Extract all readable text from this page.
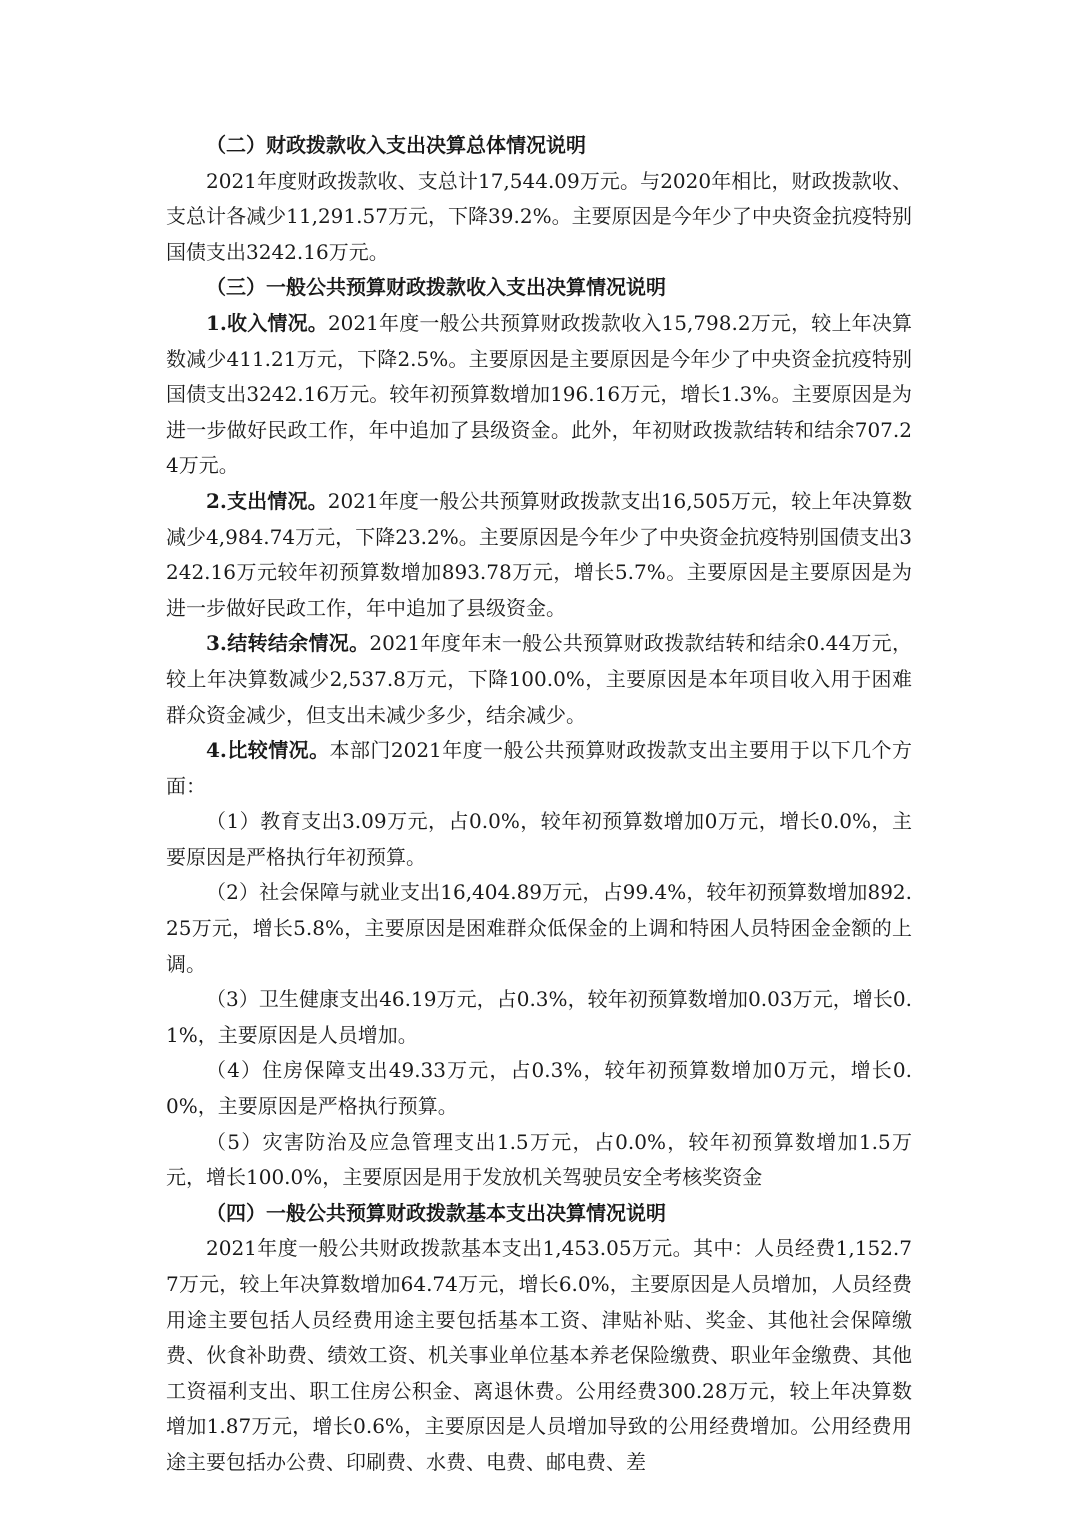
（二）财政拨款收入支出决算总体情况说明

2021年度财政拨款收、支总计17,544.09万元。与2020年相比，财政拨款收、支总计各减少11,291.57万元，下降39.2%。主要原因是今年少了中央资金抗疫特别国债支出3242.16万元。

（三）一般公共预算财政拨款收入支出决算情况说明

1.收入情况。2021年度一般公共预算财政拨款收入15,798.2万元，较上年决算数减少411.21万元，下降2.5%。主要原因是主要原因是今年少了中央资金抗疫特别国债支出3242.16万元。较年初预算数增加196.16万元，增长1.3%。主要原因是为进一步做好民政工作，年中追加了县级资金。此外，年初财政拨款结转和结余707.24万元。

2.支出情况。2021年度一般公共预算财政拨款支出16,505万元，较上年决算数减少4,984.74万元，下降23.2%。主要原因是今年少了中央资金抗疫特别国债支出3242.16万元较年初预算数增加893.78万元，增长5.7%。主要原因是主要原因是为进一步做好民政工作，年中追加了县级资金。

3.结转结余情况。2021年度年末一般公共预算财政拨款结转和结余0.44万元，较上年决算数减少2,537.8万元，下降100.0%，主要原因是本年项目收入用于困难群众资金减少，但支出未减少多少，结余减少。

4.比较情况。本部门2021年度一般公共预算财政拨款支出主要用于以下几个方面：

（1）教育支出3.09万元，占0.0%，较年初预算数增加0万元，增长0.0%，主要原因是严格执行年初预算。

（2）社会保障与就业支出16,404.89万元，占99.4%，较年初预算数增加892.25万元，增长5.8%，主要原因是困难群众低保金的上调和特困人员特困金金额的上调。

（3）卫生健康支出46.19万元，占0.3%，较年初预算数增加0.03万元，增长0.1%，主要原因是人员增加。

（4）住房保障支出49.33万元，占0.3%，较年初预算数增加0万元，增长0.0%，主要原因是严格执行预算。

（5）灾害防治及应急管理支出1.5万元，占0.0%，较年初预算数增加1.5万元，增长100.0%，主要原因是用于发放机关驾驶员安全考核奖资金

（四）一般公共预算财政拨款基本支出决算情况说明

2021年度一般公共财政拨款基本支出1,453.05万元。其中：人员经费1,152.77万元，较上年决算数增加64.74万元，增长6.0%，主要原因是人员增加，人员经费用途主要包括人员经费用途主要包括基本工资、津贴补贴、奖金、其他社会保障缴费、伙食补助费、绩效工资、机关事业单位基本养老保险缴费、职业年金缴费、其他工资福利支出、职工住房公积金、离退休费。公用经费300.28万元，较上年决算数增加1.87万元，增长0.6%，主要原因是人员增加导致的公用经费增加。公用经费用途主要包括办公费、印刷费、水费、电费、邮电费、差
